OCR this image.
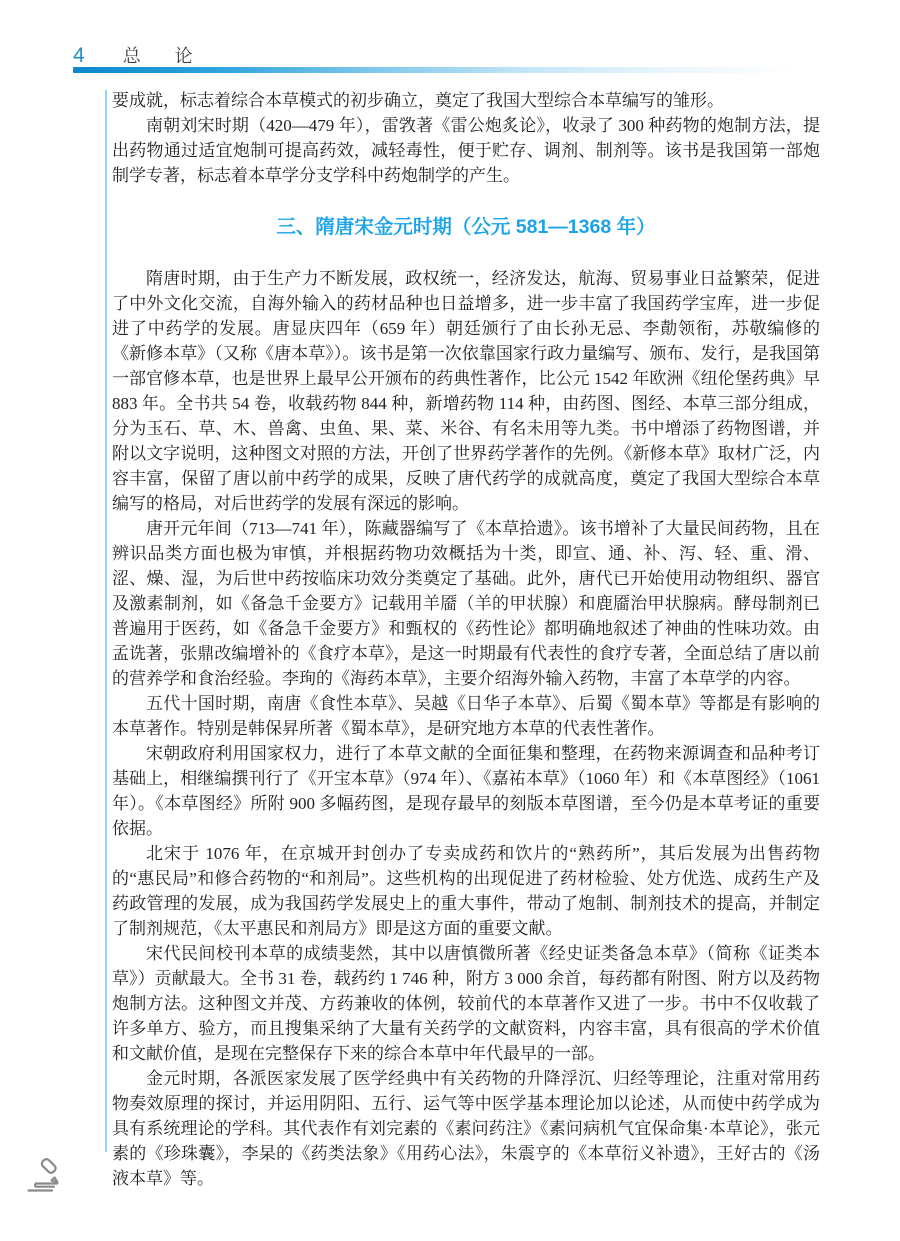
4 总　论

要成就，标志着综合本草模式的初步确立，奠定了我国大型综合本草编写的雏形。

南朝刘宋时期（420—479 年），雷敩著《雷公炮炙论》，收录了 300 种药物的炮制方法，提出药物通过适宜炮制可提高药效，减轻毒性，便于贮存、调剂、制剂等。该书是我国第一部炮制学专著，标志着本草学分支学科中药炮制学的产生。

三、隋唐宋金元时期（公元 581—1368 年）

隋唐时期，由于生产力不断发展，政权统一，经济发达，航海、贸易事业日益繁荣，促进了中外文化交流，自海外输入的药材品种也日益增多，进一步丰富了我国药学宝库，进一步促进了中药学的发展。唐显庆四年（659 年）朝廷颁行了由长孙无忌、李勣领衔，苏敬编修的《新修本草》（又称《唐本草》）。该书是第一次依靠国家行政力量编写、颁布、发行，是我国第一部官修本草，也是世界上最早公开颁布的药典性著作，比公元 1542 年欧洲《纽伦堡药典》早 883 年。全书共 54 卷，收载药物 844 种，新增药物 114 种，由药图、图经、本草三部分组成，分为玉石、草、木、兽禽、虫鱼、果、菜、米谷、有名未用等九类。书中增添了药物图谱，并附以文字说明，这种图文对照的方法，开创了世界药学著作的先例。《新修本草》取材广泛，内容丰富，保留了唐以前中药学的成果，反映了唐代药学的成就高度，奠定了我国大型综合本草编写的格局，对后世药学的发展有深远的影响。

唐开元年间（713—741 年），陈藏器编写了《本草拾遗》。该书增补了大量民间药物，且在辨识品类方面也极为审慎，并根据药物功效概括为十类，即宣、通、补、泻、轻、重、滑、涩、燥、湿，为后世中药按临床功效分类奠定了基础。此外，唐代已开始使用动物组织、器官及激素制剂，如《备急千金要方》记载用羊靥（羊的甲状腺）和鹿靥治甲状腺病。酵母制剂已普遍用于医药，如《备急千金要方》和甄权的《药性论》都明确地叙述了神曲的性味功效。由孟诜著，张鼎改编增补的《食疗本草》，是这一时期最有代表性的食疗专著，全面总结了唐以前的营养学和食治经验。李珣的《海药本草》，主要介绍海外输入药物，丰富了本草学的内容。

五代十国时期，南唐《食性本草》、吴越《日华子本草》、后蜀《蜀本草》等都是有影响的本草著作。特别是韩保昇所著《蜀本草》，是研究地方本草的代表性著作。

宋朝政府利用国家权力，进行了本草文献的全面征集和整理，在药物来源调查和品种考订基础上，相继编撰刊行了《开宝本草》（974 年）、《嘉祐本草》（1060 年）和《本草图经》（1061 年）。《本草图经》所附 900 多幅药图，是现存最早的刻版本草图谱，至今仍是本草考证的重要依据。

北宋于 1076 年，在京城开封创办了专卖成药和饮片的“熟药所”，其后发展为出售药物的“惠民局”和修合药物的“和剂局”。这些机构的出现促进了药材检验、处方优选、成药生产及药政管理的发展，成为我国药学发展史上的重大事件，带动了炮制、制剂技术的提高，并制定了制剂规范，《太平惠民和剂局方》即是这方面的重要文献。

宋代民间校刊本草的成绩斐然，其中以唐慎微所著《经史证类备急本草》（简称《证类本草》）贡献最大。全书 31 卷，载药约 1 746 种，附方 3 000 余首，每药都有附图、附方以及药物炮制方法。这种图文并茂、方药兼收的体例，较前代的本草著作又进了一步。书中不仅收载了许多单方、验方，而且搜集采纳了大量有关药学的文献资料，内容丰富，具有很高的学术价值和文献价值，是现在完整保存下来的综合本草中年代最早的一部。

金元时期，各派医家发展了医学经典中有关药物的升降浮沉、归经等理论，注重对常用药物奏效原理的探讨，并运用阴阳、五行、运气等中医学基本理论加以论述，从而使中药学成为具有系统理论的学科。其代表作有刘完素的《素问药注》《素问病机气宜保命集·本草论》，张元素的《珍珠囊》，李杲的《药类法象》《用药心法》，朱震亨的《本草衍义补遗》，王好古的《汤液本草》等。
